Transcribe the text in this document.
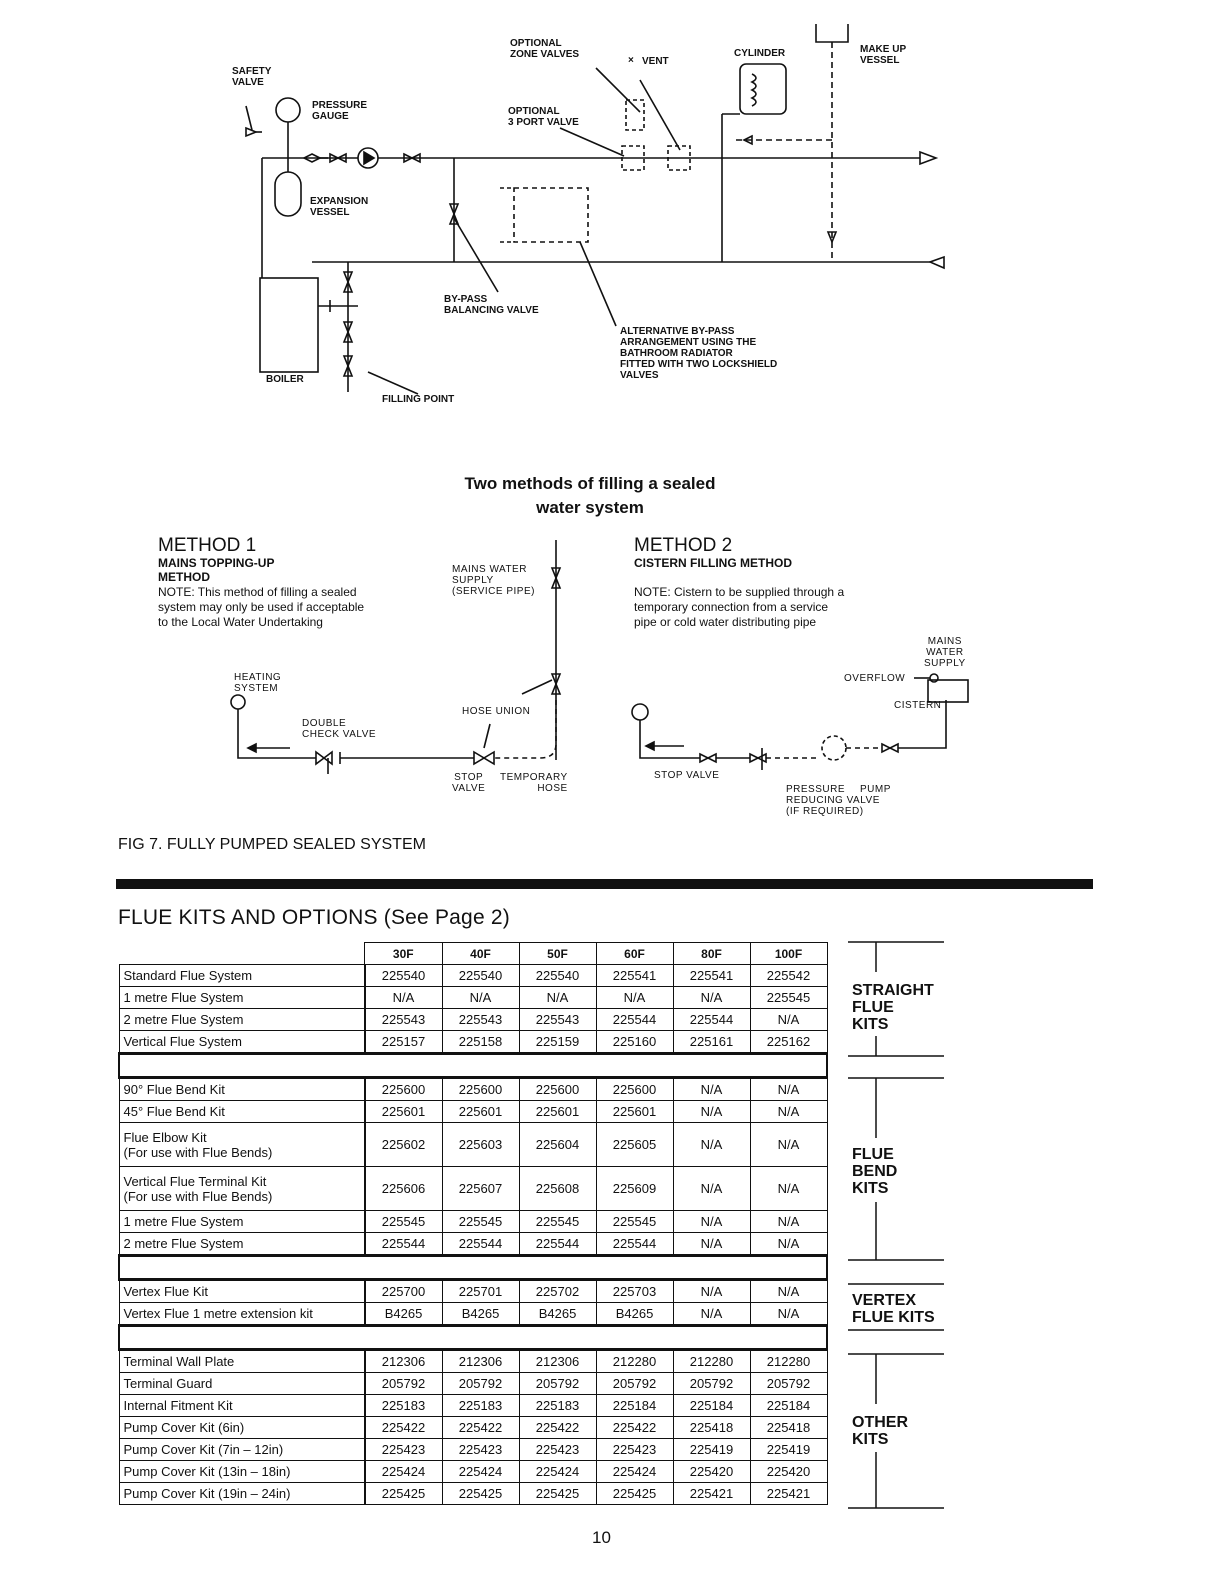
SAFETY
VALVE
PRESSURE
GAUGE
EXPANSION
VESSEL
OPTIONAL
ZONE VALVES
× VENT
CYLINDER	MAKE UP
VESSEL
OPTIONAL
3 PORT VALVE
BY-PASS
BALANCING VALVE
ALTERNATIVE BY-PASS
ARRANGEMENT USING THE
BATHROOM RADIATOR
FITTED WITH TWO LOCKSHIELD
VALVES
BOILER
FILLING POINT
Two methods of filling a sealed
water system
METHOD 1
MAINS TOPPING-UP
METHOD
NOTE: This method of filling a sealed
system may only be used if acceptable
to the Local Water Undertaking
MAINS WATER
SUPPLY
(SERVICE PIPE)
HEATING
SYSTEM
DOUBLE
CHECK VALVE
HOSE UNION
STOP
VALVE
TEMPORARY
HOSE
METHOD 2
CISTERN FILLING METHOD
NOTE: Cistern to be supplied through a
temporary connection from a service
pipe or cold water distributing pipe
MAINS
WATER
SUPPLY
OVERFLOW
CISTERN
STOP VALVE
PRESSURE
REDUCING VALVE
(IF REQUIRED)
PUMP
FIG 7. FULLY PUMPED SEALED SYSTEM
FLUE KITS AND OPTIONS (See Page 2)
	30F	40F	50F	60F	80F	100F
Standard Flue System	225540	225540	225540	225541	225541	225542
1 metre Flue System	N/A	N/A	N/A	N/A	N/A	225545
2 metre Flue System	225543	225543	225543	225544	225544	N/A
Vertical Flue System	225157	225158	225159	225160	225161	225162

90° Flue Bend Kit	225600	225600	225600	225600	N/A	N/A
45° Flue Bend Kit	225601	225601	225601	225601	N/A	N/A
Flue Elbow Kit
(For use with Flue Bends)	225602	225603	225604	225605	N/A	N/A
Vertical Flue Terminal Kit
(For use with Flue Bends)	225606	225607	225608	225609	N/A	N/A
1 metre Flue System	225545	225545	225545	225545	N/A	N/A
2 metre Flue System	225544	225544	225544	225544	N/A	N/A

Vertex Flue Kit	225700	225701	225702	225703	N/A	N/A
Vertex Flue 1 metre extension kit	B4265	B4265	B4265	B4265	N/A	N/A

Terminal Wall Plate	212306	212306	212306	212280	212280	212280
Terminal Guard	205792	205792	205792	205792	205792	205792
Internal Fitment Kit	225183	225183	225183	225184	225184	225184
Pump Cover Kit (6in)	225422	225422	225422	225422	225418	225418
Pump Cover Kit (7in – 12in)	225423	225423	225423	225423	225419	225419
Pump Cover Kit (13in – 18in)	225424	225424	225424	225424	225420	225420
Pump Cover Kit (19in – 24in)	225425	225425	225425	225425	225421	225421
STRAIGHT
FLUE
KITS
FLUE
BEND
KITS
VERTEX
FLUE KITS
OTHER
KITS
10
